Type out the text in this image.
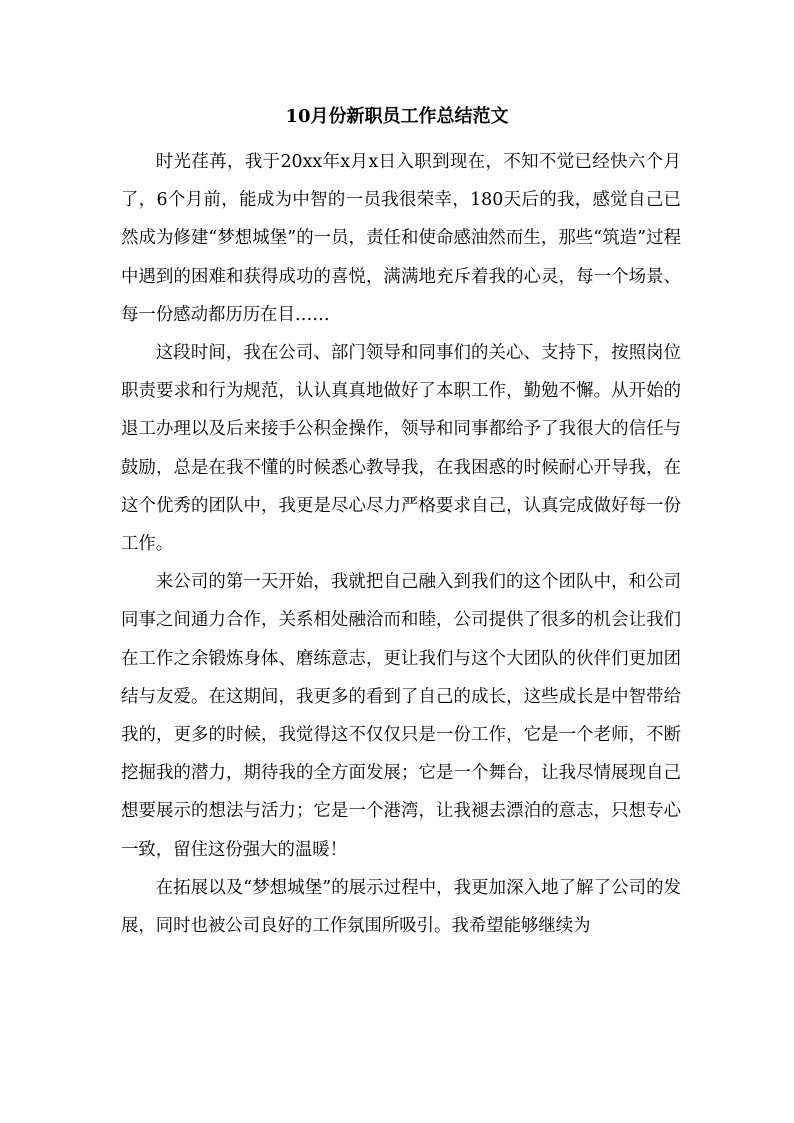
10月份新职员工作总结范文

时光荏苒，我于20xx年x月x日入职到现在，不知不觉已经快六个月了，6个月前，能成为中智的一员我很荣幸，180天后的我，感觉自己已然成为修建“梦想城堡”的一员，责任和使命感油然而生，那些“筑造”过程中遇到的困难和获得成功的喜悦，满满地充斥着我的心灵，每一个场景、每一份感动都历历在目……

这段时间，我在公司、部门领导和同事们的关心、支持下，按照岗位职责要求和行为规范，认认真真地做好了本职工作，勤勉不懈。从开始的退工办理以及后来接手公积金操作，领导和同事都给予了我很大的信任与鼓励，总是在我不懂的时候悉心教导我，在我困惑的时候耐心开导我，在这个优秀的团队中，我更是尽心尽力严格要求自己，认真完成做好每一份工作。

来公司的第一天开始，我就把自己融入到我们的这个团队中，和公司同事之间通力合作，关系相处融洽而和睦，公司提供了很多的机会让我们在工作之余锻炼身体、磨练意志，更让我们与这个大团队的伙伴们更加团结与友爱。在这期间，我更多的看到了自己的成长，这些成长是中智带给我的，更多的时候，我觉得这不仅仅只是一份工作，它是一个老师，不断挖掘我的潜力，期待我的全方面发展；它是一个舞台，让我尽情展现自己想要展示的想法与活力；它是一个港湾，让我褪去漂泊的意志，只想专心一致，留住这份强大的温暖！

在拓展以及“梦想城堡”的展示过程中，我更加深入地了解了公司的发展，同时也被公司良好的工作氛围所吸引。我希望能够继续为
